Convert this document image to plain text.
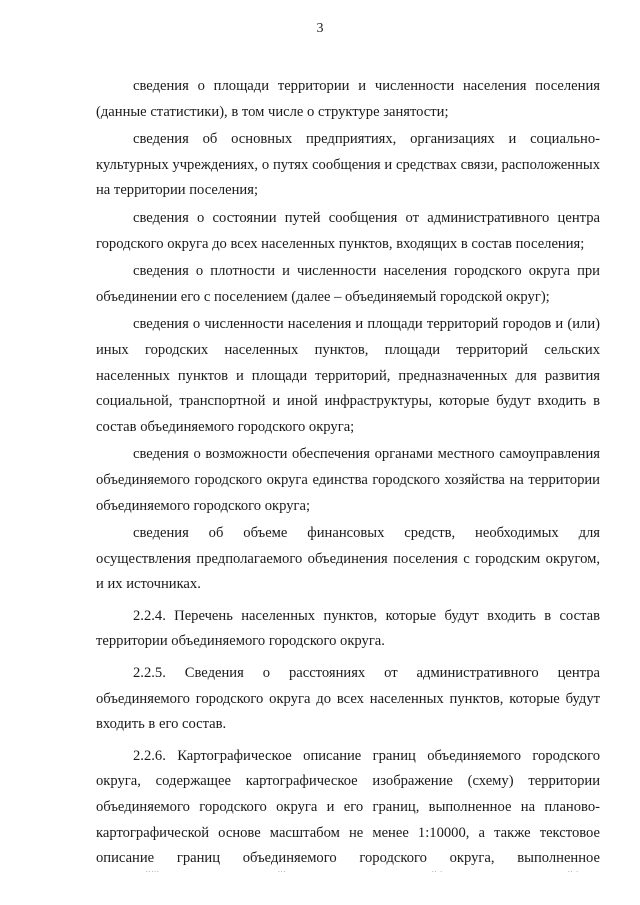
3

сведения о площади территории и численности населения поселения (данные статистики), в том числе о структуре занятости;

сведения об основных предприятиях, организациях и социально-культурных учреждениях, о путях сообщения и средствах связи, расположенных на территории поселения;

сведения о состоянии путей сообщения от административного центра городского округа до всех населенных пунктов, входящих в состав поселения;

сведения о плотности и численности населения городского округа при объединении его с поселением (далее – объединяемый городской округ);

сведения о численности населения и площади территорий городов и (или) иных городских населенных пунктов, площади территорий сельских населенных пунктов и площади территорий, предназначенных для развития социальной, транспортной и иной инфраструктуры, которые будут входить в состав объединяемого городского округа;

сведения о возможности обеспечения органами местного самоуправления объединяемого городского округа единства городского хозяйства на территории объединяемого городского округа;

сведения об объеме финансовых средств, необходимых для осуществления предполагаемого объединения поселения с городским округом, и их источниках.

2.2.4. Перечень населенных пунктов, которые будут входить в состав территории объединяемого городского округа.

2.2.5. Сведения о расстояниях от административного центра объединяемого городского округа до всех населенных пунктов, которые будут входить в его состав.

2.2.6. Картографическое описание границ объединяемого городского округа, содержащее картографическое изображение (схему) территории объединяемого городского округа и его границ, выполненное на планово-картографической основе масштабом не менее 1:10000, а также текстовое описание границ объединяемого городского округа, выполненное

.....	...	.. .	.. .
